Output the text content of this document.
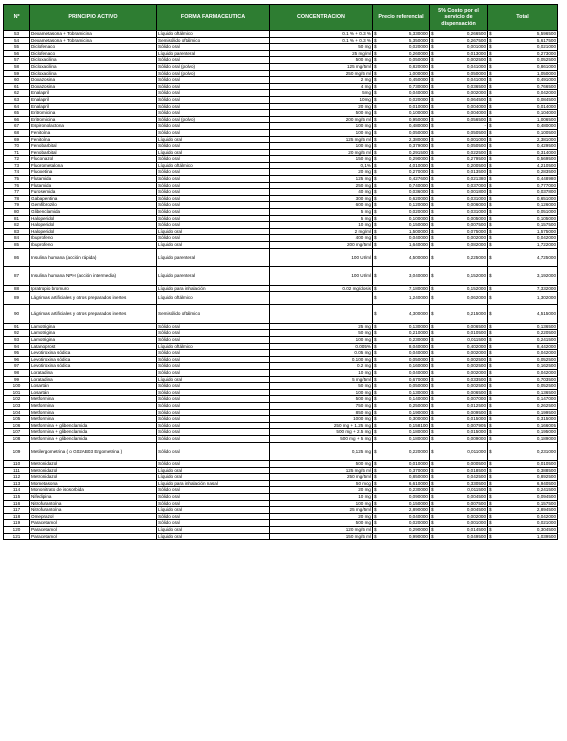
Nº	PRINCIPIO ACTIVO	FORMA FARMACEUTICA	CONCENTRACION	Precio referencial		5% Costo por el servicio de dispensación		Total	
53	Dexametasona + Tobramicina	Líquido oftálmico	0.1 % + 0.3 %	$	5,330000	$	0,266500	$	5,596500
54	Dexametasona + Tobramicina	Semisólido oftálmico	0.1 % + 0.3 %	$	5,350000	$	0,267500	$	5,617500
55	Diclofenaco	Sólido oral	50 mg	$	0,020000	$	0,001000	$	0,021000
56	Diclofenaco	Líquido parenteral	25 mg/ml	$	0,260000	$	0,013000	$	0,273000
57	Dicloxacilina	Sólido oral	500 mg	$	0,050000	$	0,002500	$	0,052500
58	Dicloxacilina	Sólido oral (polvo)	125 mg/5ml	$	0,820000	$	0,041000	$	0,861000
59	Dicloxacilina	Sólido oral (polvo)	250 mg/5 ml	$	1,000000	$	0,050000	$	1,050000
60	Doxazosina	Sólido oral	2 mg	$	0,450000	$	0,041000	$	0,491000
61	Doxazosina	Sólido oral	4 mg	$	0,730000	$	0,036500	$	0,766500
62	Enalapril	Sólido oral	5mg	$	0,040000	$	0,002000	$	0,042000
63	Enalapril	Sólido oral	10mg	$	0,020000	$	0,064500	$	0,084500
64	Enalapril	Sólido oral	20 mg	$	0,010000	$	0,004000	$	0,014000
65	Eritromicina	Sólido oral	500 mg	$	0,100000	$	0,004000	$	0,104000
66	Eritromicina	Sólido oral (polvo)	200 mg/5 ml	$	0,950000	$	0,056500	$	1,006500
67	Espironolactona	Sólido oral	100 mg	$	0,480000	$	-	$	0,480000
68	Fenitoína	Sólido oral	100 mg	$	0,050000	$	0,050500	$	0,100500
69	Fenitoína	Líquido oral	125 mg/5 ml	$	2,380000	$	0,001000	$	2,381000
70	Fenobarbital	Sólido oral	100 mg	$	0,379000	$	0,050500	$	0,429500
71	Fenobarbital	Líquido oral	20 mg/5 ml	$	0,291500	$	0,022500	$	0,314000
72	Fluconazol	Sólido oral	150 mg	$	0,290000	$	0,279500	$	0,569500
73	Fluorometalona	Líquido oftálmico	0,1%	$	4,010000	$	0,200500	$	4,210500
74	Fluoxetina	Sólido oral	20 mg	$	0,270000	$	0,013500	$	0,283500
75	Flutamida	Sólido oral	125 mg	$	0,427600	$	0,021380	$	0,448980
76	Flutamida	Sólido oral	250 mg	$	0,740000	$	0,037000	$	0,777000
77	Furosemida	Sólido oral	40 mg	$	0,036000	$	0,001800	$	0,037800
78	Gabapentina	Sólido oral	300 mg	$	0,620000	$	0,031000	$	0,651000
79	Gemfibrozilo	Sólido oral	600 mg	$	0,120000	$	0,006000	$	0,126000
80	Glibenclamida	Sólido oral	5 mg	$	0,020000	$	0,031000	$	0,051000
81	Haloperidol	Sólido oral	5 mg	$	0,100000	$	0,005000	$	0,105000
82	Haloperidol	Sólido oral	10 mg	$	0,150000	$	0,007500	$	0,157500
83	Haloperidol	Líquido oral	2 mg/ml	$	1,500000	$	0,075000	$	1,575000
84	Ibuprofeno	Sólido oral	400 mg	$	0,040000	$	0,002000	$	0,042000
85	Ibuprofeno	Líquido oral	200 mg/5ml	$	1,640000	$	0,082000	$	1,722000
86	Insulina humana (acción rápida)	Líquido parenteral	100 UI/ml	$	4,500000	$	0,225000	$	4,725000
87	Insulina humana NPH (acción intermedia)	Líquido parenteral	100 UI/ml	$	3,040000	$	0,152000	$	3,192000
88	Ipratropio bromuro	Líquido para inhalación	0.02 mg/dosis	$	7,180000	$	0,152000	$	7,332000
89	Lágrimas artificiales y otros preparados inertes	Líquido oftálmico		$	1,240000	$	0,062000	$	1,302000
90	Lágrimas artificiales y otros preparados inertes	Semisólido oftálmico		$	4,300000	$	0,215000	$	4,515000
91	Lamotrigina	Sólido oral	25 mg	$	0,130000	$	0,006500	$	0,136500
92	Lamotrigina	Sólido oral	50 mg	$	0,210000	$	0,010500	$	0,220500
93	Lamotrigina	Sólido oral	100 mg	$	0,230000	$	0,011500	$	0,241500
94	Latanoprost	Líquido oftálmico	0.005%	$	8,040000	$	0,402000	$	8,442000
95	Levotiroxina sódica	Sólido oral	0.05 mg	$	0,040000	$	0,002000	$	0,042000
96	Levotiroxina sódica	Sólido oral	0.100 mg	$	0,050000	$	0,002500	$	0,052500
97	Levotiroxina sódica	Sólido oral	0.2 mg	$	0,160000	$	0,002500	$	0,162500
98	Loratadina	Sólido oral	10 mg	$	0,040000	$	0,002000	$	0,042000
99	Loratadina	Líquido oral	5 mg/5ml	$	0,670000	$	0,033500	$	0,703500
100	Losartán	Sólido oral	50 mg	$	0,050000	$	0,002500	$	0,052500
101	Losartán	Sólido oral	100 mg	$	0,130000	$	0,006500	$	0,136500
102	Metformina	Sólido oral	500 mg	$	0,140000	$	0,007000	$	0,147000
103	Metformina	Sólido oral	750 mg	$	0,250000	$	0,012500	$	0,262500
104	Metformina	Sólido oral	850 mg	$	0,190000	$	0,009500	$	0,199500
105	Metformina	Sólido oral	1000 mg	$	0,300000	$	0,015000	$	0,315000
106	Metformina + glibenclamida	Sólido oral	250 mg + 1.25 mg	$	0,158100	$	0,007905	$	0,166005
107	Metformina + glibenclamida	Sólido oral	500 mg + 2.5 mg	$	0,180000	$	0,015000	$	0,195000
108	Metformina + glibenclamida	Sólido oral	500 mg + 5 mg	$	0,180000	$	0,009000	$	0,189000
109	Metilergometrina ( o G02AB03 Ergometrina )	Sólido oral	0,125 mg	$	0,220000	$	0,011000	$	0,231000
110	Metronidazol	Sólido oral	500 mg	$	0,010000	$	0,000500	$	0,010500
111	Metronidazol	Líquido oral	125 mg/5 ml	$	0,370000	$	0,018500	$	0,388500
112	Metronidazol	Líquido oral	250 mg/5ml	$	0,850000	$	0,042500	$	0,892500
113	Mometasona	Líquido para inhalación nasal	50 mcg	$	6,610000	$	0,330500	$	6,940500
114	Mononitrato de isosorbida	Sólido oral	20 mg	$	0,230000	$	0,011500	$	0,241500
115	Nifedipina	Sólido oral	10 mg	$	0,090000	$	0,004500	$	0,094500
116	Nitrofurantoína	Sólido oral	100 mg	$	0,150000	$	0,007500	$	0,157500
117	Nitrofurantoína	Líquido oral	25 mg/5ml	$	2,890000	$	0,004500	$	2,894500
118	Omeprazol	Sólido oral	20 mg	$	0,040000	$	0,002000	$	0,042000
119	Paracetamol	Sólido oral	500 mg	$	0,020000	$	0,001000	$	0,021000
120	Paracetamol	Líquido oral	120 mg/5 ml	$	0,290000	$	0,014500	$	0,304500
121	Paracetamol	Líquido oral	150 mg/5 ml	$	0,990000	$	0,049500	$	1,039500
